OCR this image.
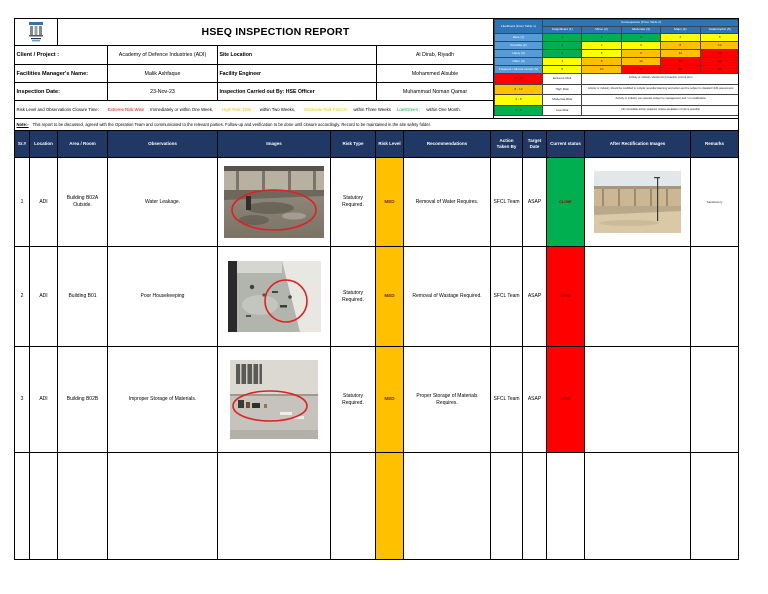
HSEQ INSPECTION REPORT
Client / Project :	Academy of Defence Industries (ADI)	Site Location	Al Dirab, Riyadh
Facilities Manager's Name:	Malik Ashfaque	Facility Engineer	Mohammed Alsubie
Inspection Date:	23-Nov-23	Inspection Carried out By: HSE Officer	Muhammad Noman Qamar
Risk Level and Observations Closure Time: Extreme Risk Wise Immediately or within One Week, High Risk: Risk ; within Two Weeks, Moderate Risk Factors within Three Weeks Low/Green : within One Month.
Likelihood (From Table 1)	Consequence (From Table 2)				
	Insignificant (1)	Minor (2)	Moderate (3)	Major (4)	Catastrophic (5)
Rare (1)	1	2	3	4	5
Possible (2)	2	4	6	8	10
Likely (3)	3	6	9	12	15
Often (4)	4	8	12	16	20
Frequent / Almost certain (5)	5	10	15	20	25
15 - 25	Extreme Risk	Activity or industry should not proceed in current form			
8 - 12	High Risk	Activity or industry should be modified to include remedial planning and action and be subject to detailed OHS assessment			
4 - 6	Moderate Risk	Activity or industry can operate subject to management and / or modification			
1 - 3	Low Risk	No immediate action required, unless escalation of risk is possible			
Note:- This report to be discussed, agreed with the Operation Team and communicated to the relevant parties. Follow-up and verification to be done until closure accordingly. Record to be maintained in the site safety folder.
Sr.#	Location	Area / Room	Observations	Images	Risk Type	Risk Level	Recommendations	Action Taken By	Target Date	Current status	After Rectification Images	Remarks
1	ADI	Building B02A Outside.	Water Leakage.		Statutory Required.	MED	Removal of Water Requires.	SFCL Team	ASAP	CLOSE		Satisfactory
2	ADI	Building B01	Poor Housekeeping		Statutory Required.	MED	Removal of Wastage Required.	SFCL Team	ASAP	OPEN		
3	ADI	Building B02B	Improper Storage of Materials.		Statutory Required.	MED	Proper Storage of Materials Requires.	SFCL Team	ASAP	OPEN		
